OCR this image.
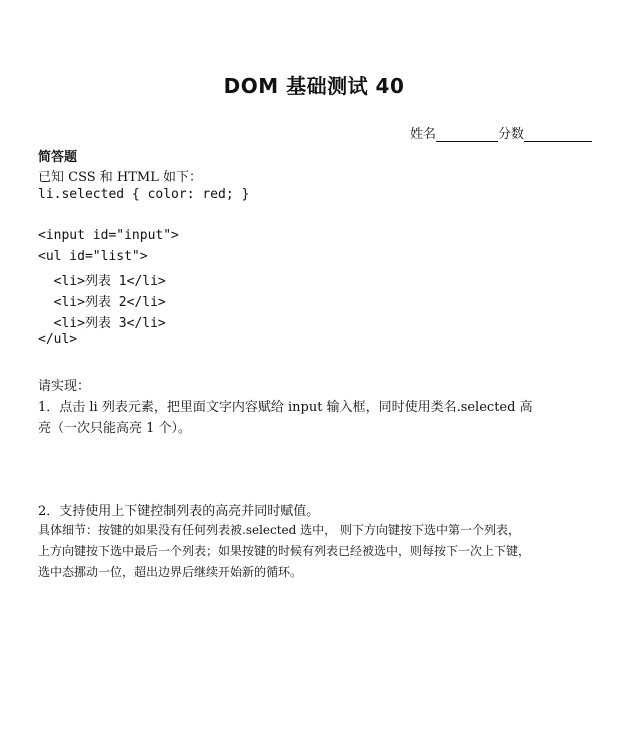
DOM 基础测试 40
姓名	分数
简答题
已知 CSS 和 HTML 如下：
li.selected { color: red; }
<input id="input">
<ul id="list">
<li>列表 1</li>
<li>列表 2</li>
<li>列表 3</li>
</ul>
请实现：
1．点击 li 列表元素，把里面文字内容赋给 input 输入框，同时使用类名.selected 高
亮（一次只能高亮 1 个）。
2．支持使用上下键控制列表的高亮并同时赋值。
具体细节：按键的如果没有任何列表被.selected 选中， 则下方向键按下选中第一个列表，
上方向键按下选中最后一个列表；如果按键的时候有列表已经被选中，则每按下一次上下键，
选中态挪动一位，超出边界后继续开始新的循环。
